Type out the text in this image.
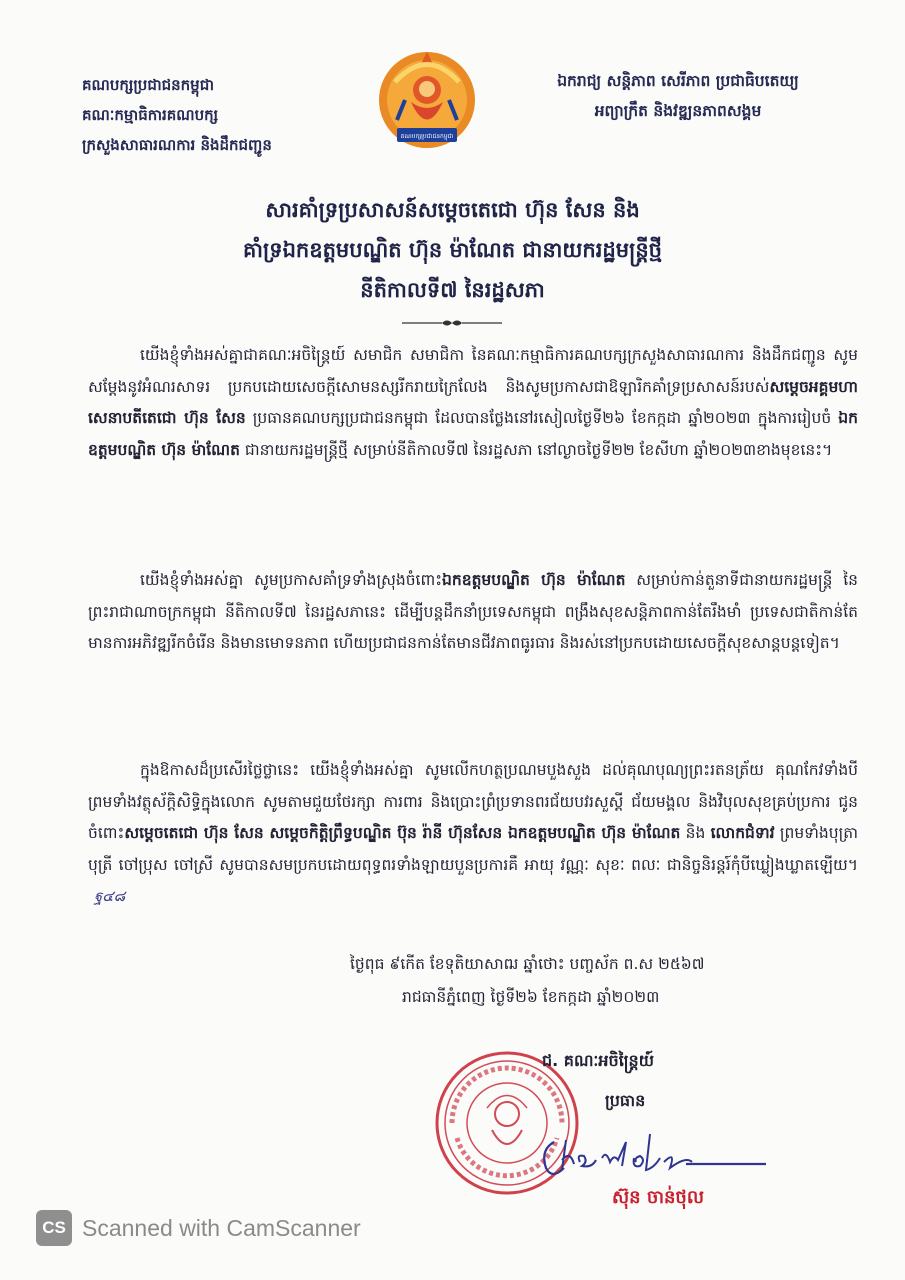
គណបក្សប្រជាជនកម្ពុជា
គណៈកម្មាធិការគណបក្ស
ក្រសួងសាធារណការ និងដឹកជញ្ជូន	គណបក្សប្រជាជនកម្ពុជា
ឯករាជ្យ សន្តិភាព សេរីភាព ប្រជាធិបតេយ្យ
អព្យាក្រឹត និងវឌ្ឍនភាពសង្គម
សារគាំទ្រប្រសាសន៍សម្តេចតេជោ ហ៊ុន សែន និង
គាំទ្រឯកឧត្តមបណ្ឌិត ហ៊ុន ម៉ាណែត ជានាយករដ្ឋមន្ត្រីថ្មី
នីតិកាលទី៧ នៃរដ្ឋសភា
យើងខ្ញុំទាំងអស់គ្នាជាគណៈអចិន្ត្រៃយ៍ សមាជិក សមាជិកា នៃគណៈកម្មាធិការគណបក្សក្រសួងសាធារណការ និងដឹកជញ្ជូន សូមសម្តែងនូវអំណរសាទរ ប្រកបដោយសេចក្តីសោមនស្សរីករាយក្រៃលែង និងសូមប្រកាសជាឱឡារិកគាំទ្រប្រសាសន៍របស់សម្តេចអគ្គមហាសេនាបតីតេជោ ហ៊ុន សែន ប្រធានគណបក្សប្រជាជនកម្ពុជា ដែលបានថ្លែងនៅរសៀលថ្ងៃទី២៦ ខែកក្កដា ឆ្នាំ២០២៣ ក្នុងការរៀបចំ ឯកឧត្តមបណ្ឌិត ហ៊ុន ម៉ាណែត ជានាយករដ្ឋមន្ត្រីថ្មី សម្រាប់នីតិកាលទី៧ នៃរដ្ឋសភា នៅល្ងាចថ្ងៃទី២២ ខែសីហា ឆ្នាំ២០២៣ខាងមុខនេះ។
យើងខ្ញុំទាំងអស់គ្នា សូមប្រកាសគាំទ្រទាំងស្រុងចំពោះឯកឧត្តមបណ្ឌិត ហ៊ុន ម៉ាណែត សម្រាប់កាន់តួនាទីជានាយករដ្ឋមន្ត្រី នៃព្រះរាជាណាចក្រកម្ពុជា នីតិកាលទី៧ នៃរដ្ឋសភានេះ ដើម្បីបន្តដឹកនាំប្រទេសកម្ពុជា ពង្រឹងសុខសន្តិភាពកាន់តែរឹងមាំ ប្រទេសជាតិកាន់តែមានការអភិវឌ្ឍរីកចំរើន និងមានមោទនភាព ហើយប្រជាជនកាន់តែមានជីវភាពធូរធារ និងរស់នៅប្រកបដោយសេចក្តីសុខសាន្តបន្តទៀត។
ក្នុងឱកាសដ៏ប្រសើរថ្លៃថ្លានេះ យើងខ្ញុំទាំងអស់គ្នា សូមលើកហត្ថប្រណមបួងសួង ដល់គុណបុណ្យព្រះរតនត្រ័យ គុណកែវទាំងបី ព្រមទាំងវត្ថុស័ក្តិសិទ្ធិក្នុងលោក សូមតាមជួយថែរក្សា ការពារ និងប្រោះព្រំប្រទានពរជ័យបវរសួស្តី ជ័យមង្គល និងវិបុលសុខគ្រប់ប្រការ ជូនចំពោះសម្តេចតេជោ ហ៊ុន សែន សម្តេចកិត្តិព្រឹទ្ធបណ្ឌិត ប៊ុន រ៉ានី ហ៊ុនសែន ឯកឧត្តមបណ្ឌិត ហ៊ុន ម៉ាណែត និង លោកជំទាវ ព្រមទាំងបុត្រា បុត្រី ចៅប្រុស ចៅស្រី សូមបានសមប្រកបដោយពុទ្ធពរទាំងឡាយបួនប្រការគឺ អាយុ វណ្ណៈ សុខៈ ពលៈ ជានិច្ចនិរន្តរ៍កុំបីឃ្លៀងឃ្លាតឡើយ។ฐ๔๘
ថ្ងៃពុធ ៩កើត ខែទុតិយាសាឍ ឆ្នាំថោះ បញ្ចស័ក ព.ស ២៥៦៧
រាជធានីភ្នំពេញ ថ្ងៃទី២៦ ខែកក្កដា ឆ្នាំ២០២៣
ជ. គណៈអចិន្ត្រៃយ៍
ប្រធាន
Chanthol
ស៊ុន ចាន់ថុល
CS Scanned with CamScanner
